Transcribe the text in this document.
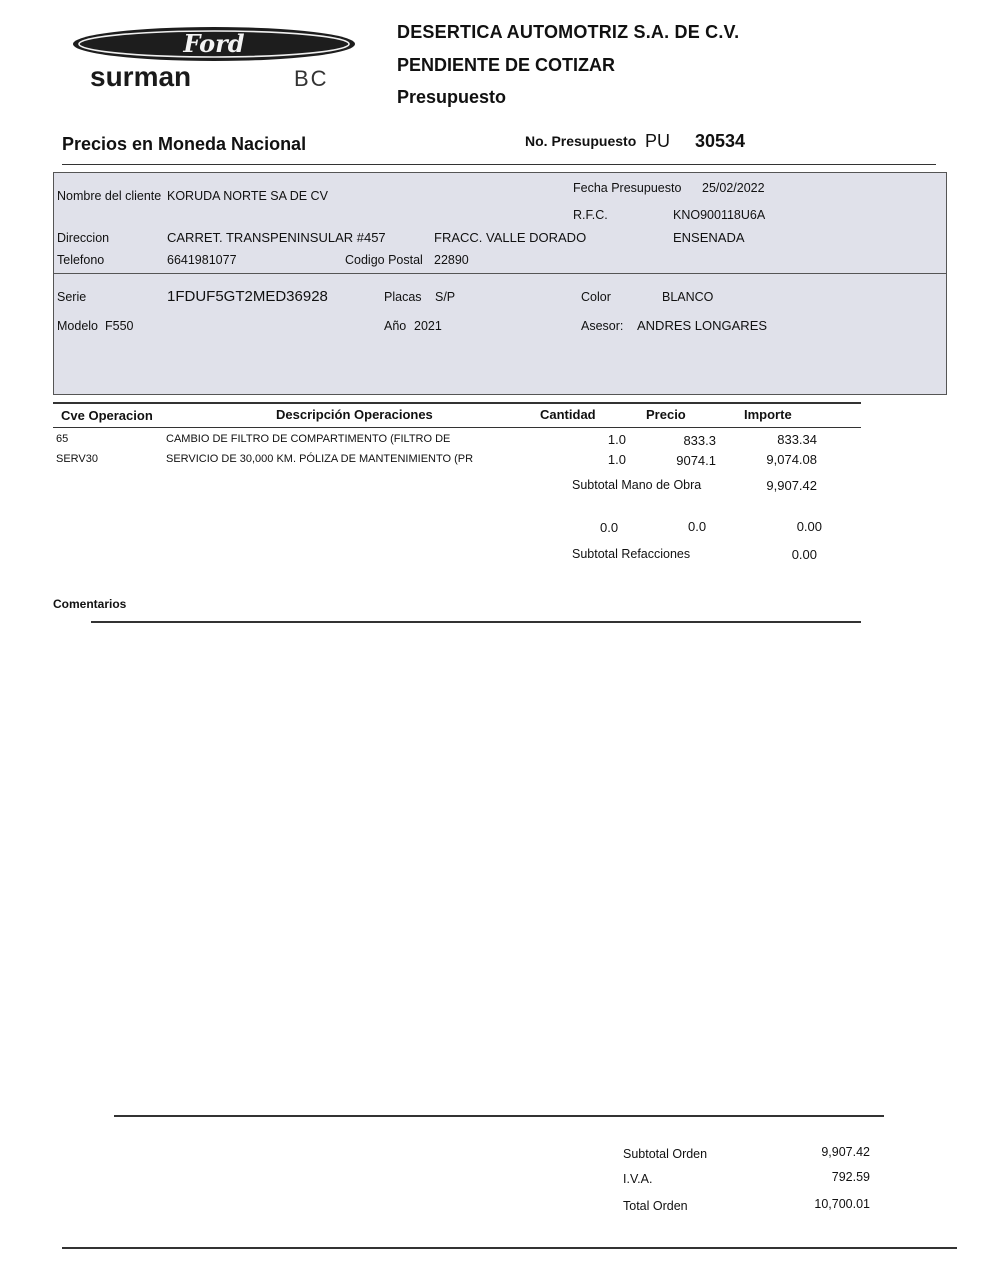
Ford
surman	BC
DESERTICA AUTOMOTRIZ S.A. DE C.V.
PENDIENTE DE COTIZAR
Presupuesto
Precios en Moneda Nacional	No. Presupuesto PU 30534
Nombre del cliente KORUDA NORTE SA DE CV
Fecha Presupuesto 25/02/2022
R.F.C.	KNO900118U6A
Direccion	CARRET. TRANSPENINSULAR #457	FRACC. VALLE DORADO	ENSENADA
Telefono	6641981077	Codigo Postal 22890
Serie	1FDUF5GT2MED36928	Placas S/P	Color	BLANCO
Modelo F550	Año 2021	Asesor: ANDRES LONGARES
Cve Operacion	Descripción Operaciones	Cantidad	Precio	Importe
65	CAMBIO DE FILTRO DE COMPARTIMENTO (FILTRO DE	1.0	833.3	833.34
SERV30	SERVICIO DE 30,000 KM. PÓLIZA DE MANTENIMIENTO (PR	1.0	9074.1	9,074.08
Subtotal Mano de Obra	9,907.42
0.0	0.0	0.00
Subtotal Refacciones	0.00
Comentarios
Subtotal Orden	9,907.42
I.V.A.	792.59
Total Orden	10,700.01
